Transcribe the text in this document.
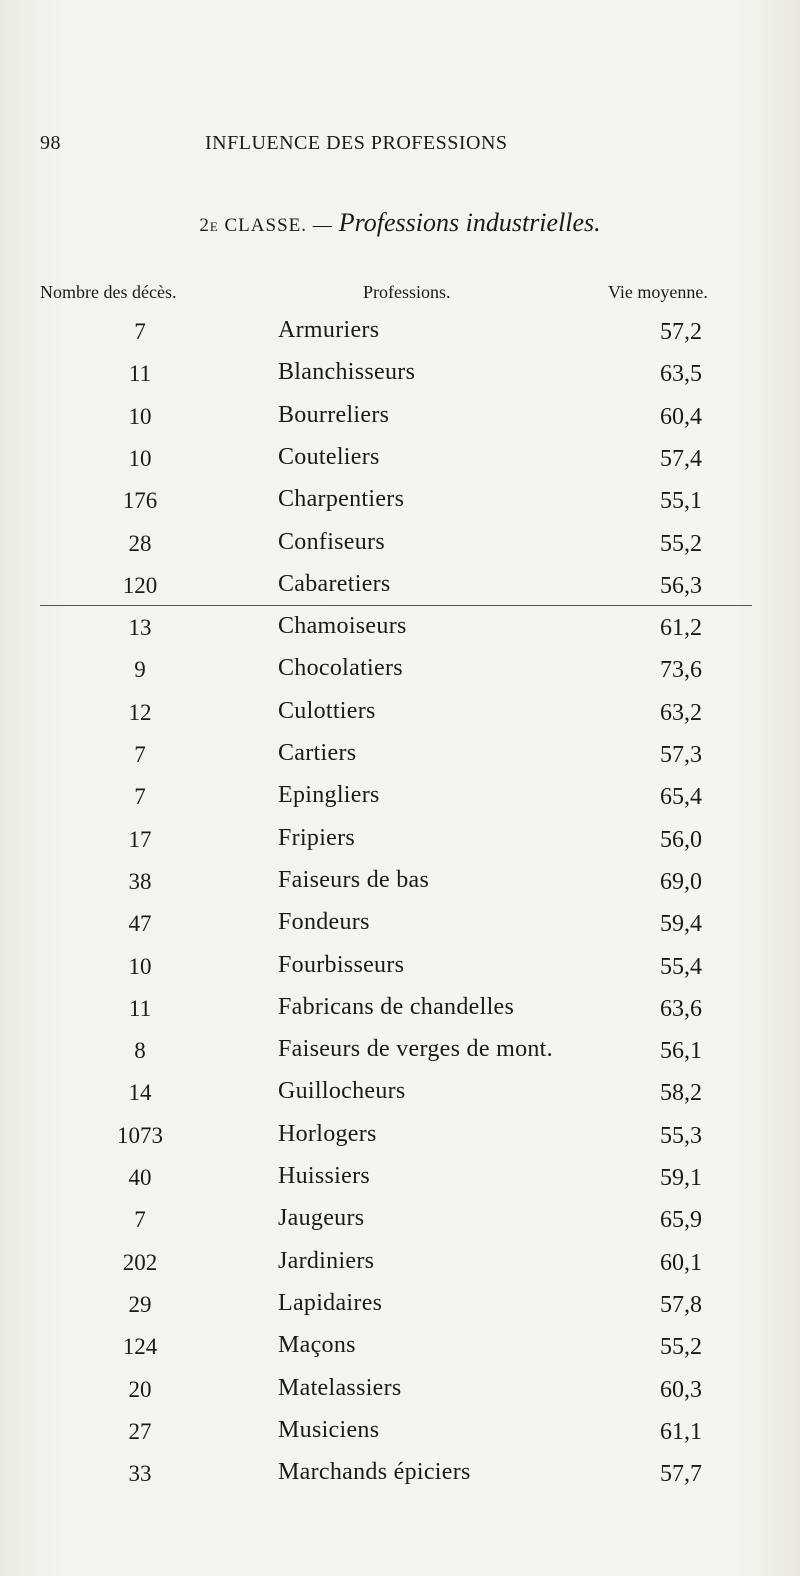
98	INFLUENCE DES PROFESSIONS
2e CLASSE. — Professions industrielles.
Nombre des décès.	Professions.	Vie moyenne.
7	Armuriers	57,2
11	Blanchisseurs	63,5
10	Bourreliers	60,4
10	Couteliers	57,4
176	Charpentiers	55,1
28	Confiseurs	55,2
120	Cabaretiers	56,3
13	Chamoiseurs	61,2
9	Chocolatiers	73,6
12	Culottiers	63,2
7	Cartiers	57,3
7	Epingliers	65,4
17	Fripiers	56,0
38	Faiseurs de bas	69,0
47	Fondeurs	59,4
10	Fourbisseurs	55,4
11	Fabricans de chandelles	63,6
8	Faiseurs de verges de mont.	56,1
14	Guillocheurs	58,2
1073	Horlogers	55,3
40	Huissiers	59,1
7	Jaugeurs	65,9
202	Jardiniers	60,1
29	Lapidaires	57,8
124	Maçons	55,2
20	Matelassiers	60,3
27	Musiciens	61,1
33	Marchands épiciers	57,7
